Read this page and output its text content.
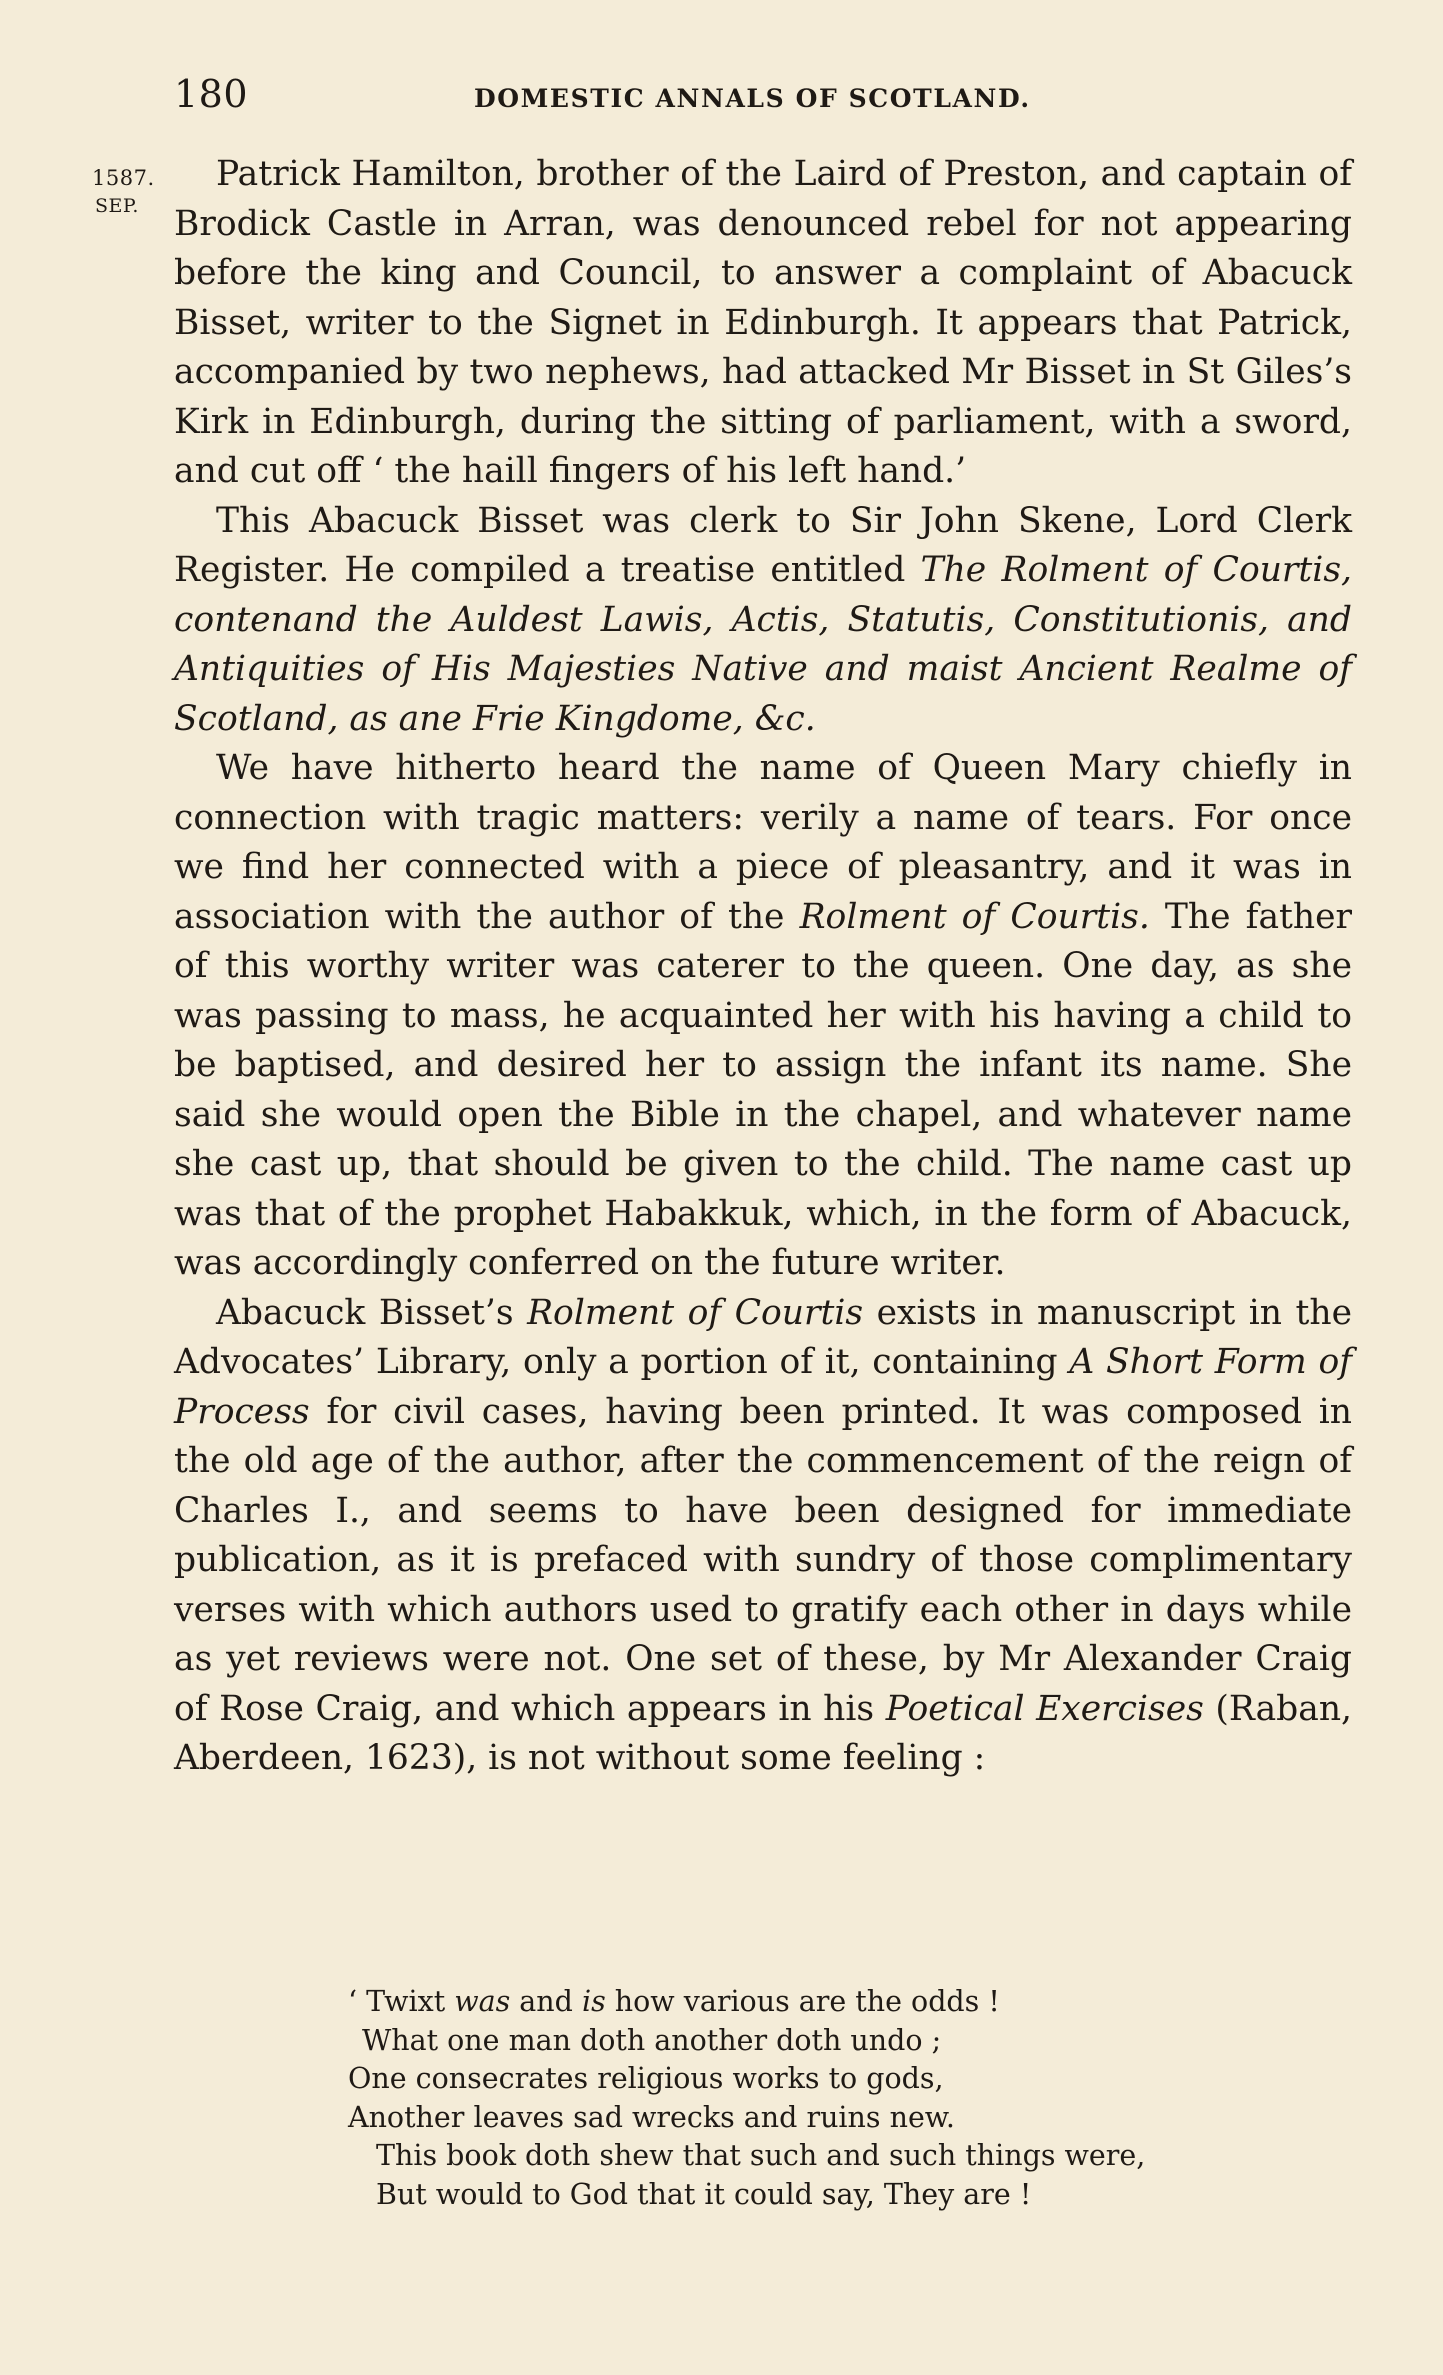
180	DOMESTIC ANNALS OF SCOTLAND.
1587.
SEP.

Patrick Hamilton, brother of the Laird of Preston, and captain of Brodick Castle in Arran, was denounced rebel for not appearing before the king and Council, to answer a complaint of Abacuck Bisset, writer to the Signet in Edinburgh. It appears that Patrick, accompanied by two nephews, had attacked Mr Bisset in St Giles’s Kirk in Edinburgh, during the sitting of parliament, with a sword, and cut off ‘ the haill fingers of his left hand.’

This Abacuck Bisset was clerk to Sir John Skene, Lord Clerk Register. He compiled a treatise entitled The Rolment of Courtis, contenand the Auldest Lawis, Actis, Statutis, Constitutionis, and Antiquities of His Majesties Native and maist Ancient Realme of Scotland, as ane Frie Kingdome, &c.

We have hitherto heard the name of Queen Mary chiefly in connection with tragic matters: verily a name of tears. For once we find her connected with a piece of pleasantry, and it was in association with the author of the Rolment of Courtis. The father of this worthy writer was caterer to the queen. One day, as she was passing to mass, he acquainted her with his having a child to be baptised, and desired her to assign the infant its name. She said she would open the Bible in the chapel, and whatever name she cast up, that should be given to the child. The name cast up was that of the prophet Habakkuk, which, in the form of Abacuck, was accordingly conferred on the future writer.

Abacuck Bisset’s Rolment of Courtis exists in manuscript in the Advocates’ Library, only a portion of it, containing A Short Form of Process for civil cases, having been printed. It was composed in the old age of the author, after the commencement of the reign of Charles I., and seems to have been designed for immediate publication, as it is prefaced with sundry of those complimentary verses with which authors used to gratify each other in days while as yet reviews were not. One set of these, by Mr Alexander Craig of Rose Craig, and which appears in his Poetical Exercises (Raban, Aberdeen, 1623), is not without some feeling :

‘ Twixt was and is how various are the odds !
What one man doth another doth undo ;
One consecrates religious works to gods,
Another leaves sad wrecks and ruins new.
This book doth shew that such and such things were,
But would to God that it could say, They are !
